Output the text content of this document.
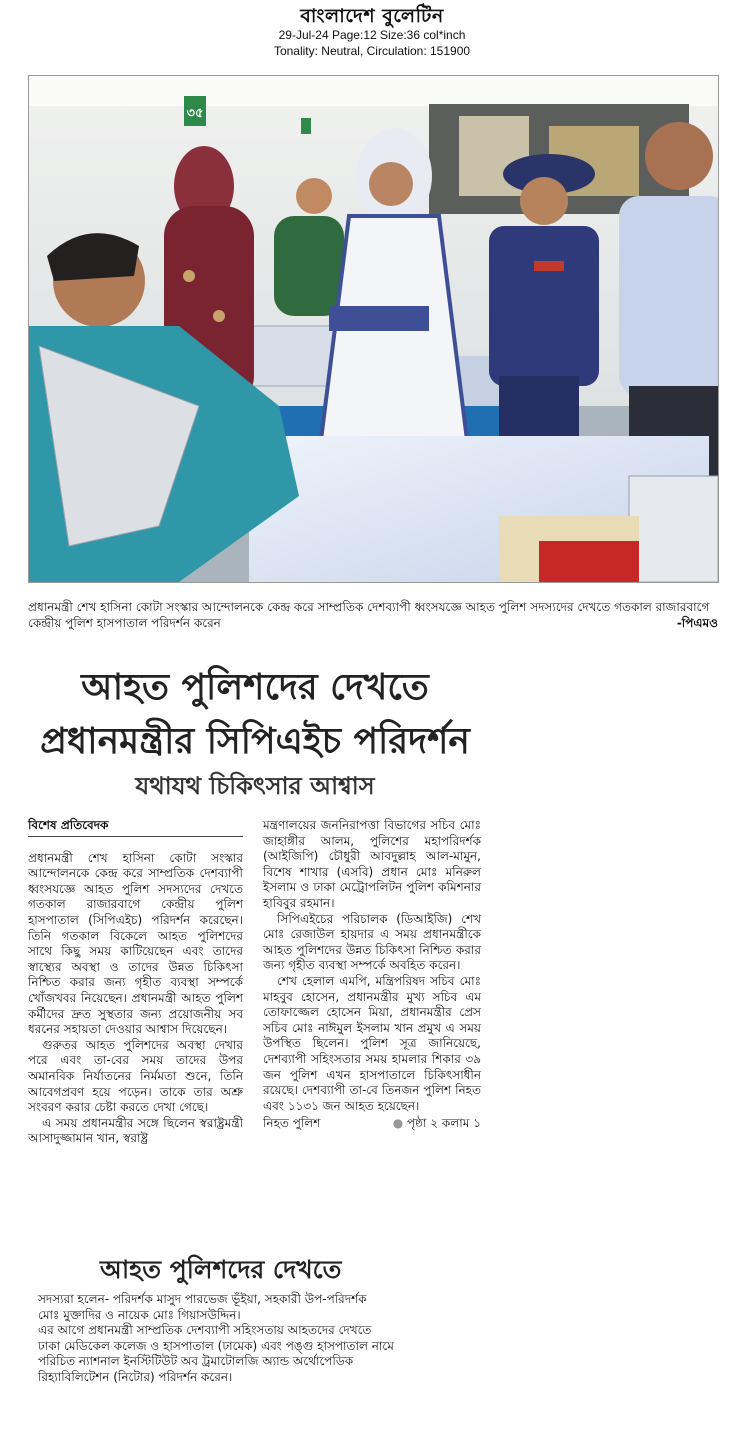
বাংলাদেশ বুলেটিন
29-Jul-24 Page:12 Size:36 col*inch
Tonality: Neutral, Circulation: 151900
৩৫
প্রধানমন্ত্রী শেখ হাসিনা কোটা সংস্কার আন্দোলনকে কেন্দ্র করে সাম্প্রতিক দেশব্যাপী ধ্বংসযজ্ঞে আহত পুলিশ সদস্যদের দেখতে গতকাল রাজারবাগে কেন্দ্রীয় পুলিশ হাসপাতাল পরিদর্শন করেন	-পিএমও
আহত পুলিশদের দেখতে
প্রধানমন্ত্রীর সিপিএইচ পরিদর্শন
যথাযথ চিকিৎসার আশ্বাস
বিশেষ প্রতিবেদক

প্রধানমন্ত্রী শেখ হাসিনা কোটা সংস্কার আন্দোলনকে কেন্দ্র করে সাম্প্রতিক দেশব্যাপী ধ্বংসযজ্ঞে আহত পুলিশ সদস্যদের দেখতে গতকাল রাজারবাগে কেন্দ্রীয় পুলিশ হাসপাতাল (সিপিএইচ) পরিদর্শন করেছেন। তিনি গতকাল বিকেলে আহত পুলিশদের সাথে কিছু সময় কাটিয়েছেন এবং তাদের স্বাস্থ্যের অবস্থা ও তাদের উন্নত চিকিৎসা নিশ্চিত করার জন্য গৃহীত ব্যবস্থা সম্পর্কে খোঁজখবর নিয়েছেন। প্রধানমন্ত্রী আহত পুলিশ কর্মীদের দ্রুত সুস্থতার জন্য প্রয়োজনীয় সব ধরনের সহায়তা দেওয়ার আশ্বাস দিয়েছেন।

গুরুতর আহত পুলিশদের অবস্থা দেখার পরে এবং তা-বের সময় তাদের উপর অমানবিক নির্যাতনের নির্মমতা শুনে, তিনি আবেগপ্রবণ হয়ে পড়েন। তাকে তার অশ্রু সংবরণ করার চেষ্টা করতে দেখা গেছে।

এ সময় প্রধানমন্ত্রীর সঙ্গে ছিলেন স্বরাষ্ট্রমন্ত্রী আসাদুজ্জামান খান, স্বরাষ্ট্র

মন্ত্রণালয়ের জননিরাপত্তা বিভাগের সচিব মোঃ জাহাঙ্গীর আলম, পুলিশের মহাপরিদর্শক (আইজিপি) চৌধুরী আবদুল্লাহ আল-মামুন, বিশেষ শাখার (এসবি) প্রধান মোঃ মনিরুল ইসলাম ও ঢাকা মেট্রোপলিটন পুলিশ কমিশনার হাবিবুর রহমান।

সিপিএইচের পরিচালক (ডিআইজি) শেখ মোঃ রেজাউল হায়দার এ সময় প্রধানমন্ত্রীকে আহত পুলিশদের উন্নত চিকিৎসা নিশ্চিত করার জন্য গৃহীত ব্যবস্থা সম্পর্কে অবহিত করেন।

শেখ হেলাল এমপি, মন্ত্রিপরিষদ সচিব মোঃ মাহবুব হোসেন, প্রধানমন্ত্রীর মুখ্য সচিব এম তোফাজ্জেল হোসেন মিয়া, প্রধানমন্ত্রীর প্রেস সচিব মোঃ নাঈমুল ইসলাম খান প্রমুখ এ সময় উপস্থিত ছিলেন। পুলিশ সূত্র জানিয়েছে, দেশব্যাপী সহিংসতার সময় হামলার শিকার ৩৯ জন পুলিশ এখন হাসপাতালে চিকিৎসাধীন রয়েছে। দেশব্যাপী তা-বে তিনজন পুলিশ নিহত এবং ১১৩১ জন আহত হয়েছেন।

নিহত পুলিশ	● পৃষ্ঠা ২ কলাম ১
আহত পুলিশদের দেখতে
সদস্যরা হলেন- পরিদর্শক মাসুদ পারভেজ ভূঁইয়া, সহকারী উপ-পরিদর্শক
মোঃ মুক্তাদির ও নায়েক মোঃ গিয়াসউদ্দিন।
এর আগে প্রধানমন্ত্রী সাম্প্রতিক দেশব্যাপী সহিংসতায় আহতদের দেখতে
ঢাকা মেডিকেল কলেজ ও হাসপাতাল (ঢামেক) এবং পঙ্গু হাসপাতাল নামে
পরিচিত ন্যাশনাল ইনস্টিটিউট অব ট্রমাটোলজি অ্যান্ড অর্থোপেডিক
রিহ্যাবিলিটেশন (নিটোর) পরিদর্শন করেন।
